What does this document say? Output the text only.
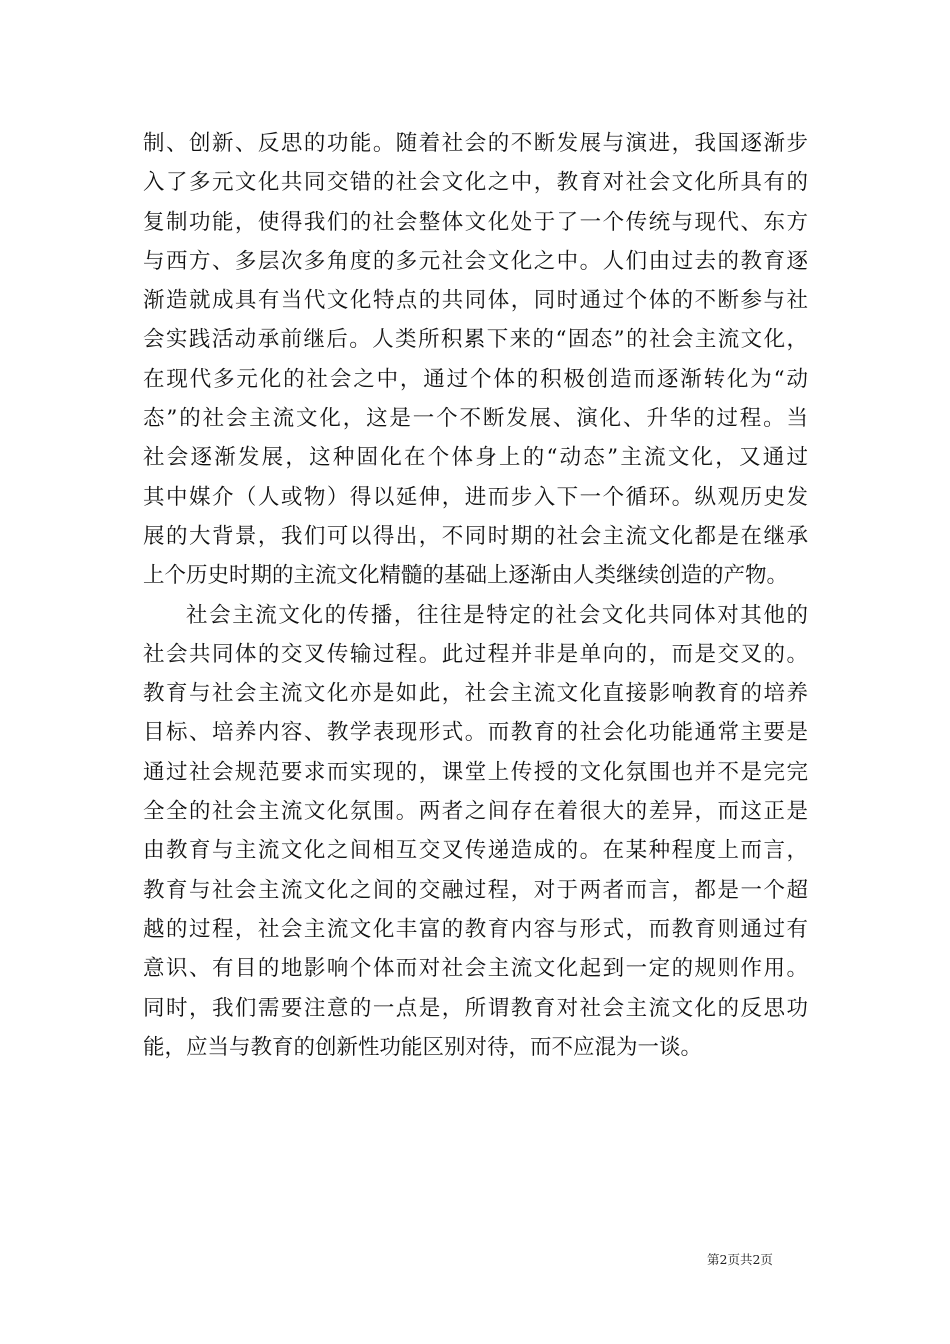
制、创新、反思的功能。随着社会的不断发展与演进，我国逐渐步
入了多元文化共同交错的社会文化之中，教育对社会文化所具有的
复制功能，使得我们的社会整体文化处于了一个传统与现代、东方
与西方、多层次多角度的多元社会文化之中。人们由过去的教育逐
渐造就成具有当代文化特点的共同体，同时通过个体的不断参与社
会实践活动承前继后。人类所积累下来的“固态”的社会主流文化，
在现代多元化的社会之中，通过个体的积极创造而逐渐转化为“动
态”的社会主流文化，这是一个不断发展、演化、升华的过程。当
社会逐渐发展，这种固化在个体身上的“动态”主流文化，又通过
其中媒介（人或物）得以延伸，进而步入下一个循环。纵观历史发
展的大背景，我们可以得出，不同时期的社会主流文化都是在继承
上个历史时期的主流文化精髓的基础上逐渐由人类继续创造的产物。
社会主流文化的传播，往往是特定的社会文化共同体对其他的
社会共同体的交叉传输过程。此过程并非是单向的，而是交叉的。
教育与社会主流文化亦是如此，社会主流文化直接影响教育的培养
目标、培养内容、教学表现形式。而教育的社会化功能通常主要是
通过社会规范要求而实现的，课堂上传授的文化氛围也并不是完完
全全的社会主流文化氛围。两者之间存在着很大的差异，而这正是
由教育与主流文化之间相互交叉传递造成的。在某种程度上而言，
教育与社会主流文化之间的交融过程，对于两者而言，都是一个超
越的过程，社会主流文化丰富的教育内容与形式，而教育则通过有
意识、有目的地影响个体而对社会主流文化起到一定的规则作用。
同时，我们需要注意的一点是，所谓教育对社会主流文化的反思功
能，应当与教育的创新性功能区别对待，而不应混为一谈。
第2页共2页
